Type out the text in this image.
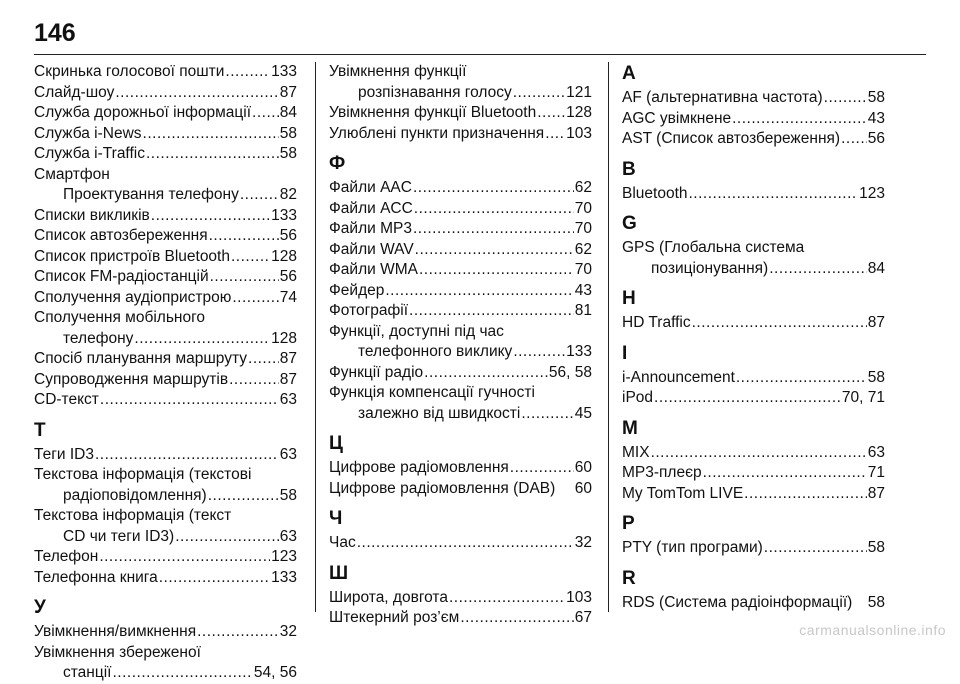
146
Скринька голосової пошти .....	133
Слайд-шоу .....	87
Служба дорожньої інформації ..... 84
Служба i-News .....	58
Служба i-Traffic .....	58
Смартфон
Проектування телефону .....	82
Списки викликів .....	133
Список автозбереження .....	56
Список пристроїв Bluetooth .....	128
Список FM-радіостанцій .....	56
Сполучення аудіопристрою .....	74
Сполучення мобільного
телефону .....	128
Спосіб планування маршруту ..... 87
Супроводження маршрутів .....	87
CD-текст .....	63
Т
Теги ID3 .....	63
Текстова інформація (текстові
радіоповідомлення) .....	58
Текстова інформація (текст
CD чи теги ID3) .....	63
Телефон .....	123
Телефонна книга .....	133
У
Увімкнення/вимкнення .....	32
Увімкнення збереженої
станції .....	54, 56
Увімкнення функції
розпізнавання голосу .....	121
Увімкнення функції Bluetooth ..... 128
Улюблені пункти призначення ..... 103
Ф
Файли AAC .....	62
Файли ACC .....	70
Файли MP3 .....	70
Файли WAV .....	62
Файли WMA .....	70
Фейдер .....	43
Фотографії .....	81
Функції, доступні під час
телефонного виклику .....	133
Функції радіо .....	56, 58
Функція компенсації гучності
залежно від швидкості .....	45
Ц
Цифрове радіомовлення .....	60
Цифрове радіомовлення (DAB) 60
Ч
Час .....	32
Ш
Широта, довгота .....	103
Штекерний роз’єм .....	67
A
AF (альтернативна частота) .....	58
AGC увімкнене .....	43
AST (Список автозбереження) ..... 56
B
Bluetooth .....	123
G
GPS (Глобальна система
позиціонування) .....	84
H
HD Traffic .....	87
I
i-Announcement .....	58
iPod .....	70, 71
M
MIX .....	63
MP3-плеєр .....	71
My TomTom LIVE .....	87
P
PTY (тип програми) .....	58
R
RDS (Система радіоінформації) 58
carmanualsonline.info
